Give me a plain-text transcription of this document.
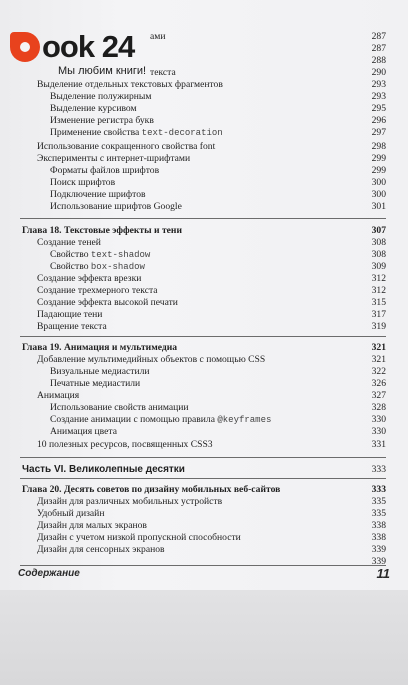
ами	287
287
288
текста	290
Выделение отдельных текстовых фрагментов	293
Выделение полужирным	293
Выделение курсивом	295
Изменение регистра букв	296
Применение свойства text-decoration	297
Использование сокращенного свойства font	298
Эксперименты с интернет-шрифтами	299
Форматы файлов шрифтов	299
Поиск шрифтов	300
Подключение шрифтов	300
Использование шрифтов Google	301
Глава 18. Текстовые эффекты и тени	307
Создание теней	308
Свойство text-shadow	308
Свойство box-shadow	309
Создание эффекта врезки	312
Создание трехмерного текста	312
Создание эффекта высокой печати	315
Падающие тени	317
Вращение текста	319
Глава 19. Анимация и мультимедиа	321
Добавление мультимедийных объектов с помощью CSS	321
Визуальные медиастили	322
Печатные медиастили	326
Анимация	327
Использование свойств анимации	328
Создание анимации с помощью правила @keyframes	330
Анимация цвета	330
10 полезных ресурсов, посвященных CSS3	331
Часть VI. Великолепные десятки	333
Глава 20. Десять советов по дизайну мобильных веб-сайтов	333
Дизайн для различных мобильных устройств	335
Удобный дизайн	335
Дизайн для малых экранов	338
Дизайн с учетом низкой пропускной способности	338
Дизайн для сенсорных экранов	339
339
ook 24
Мы любим книги!
Содержание	11
